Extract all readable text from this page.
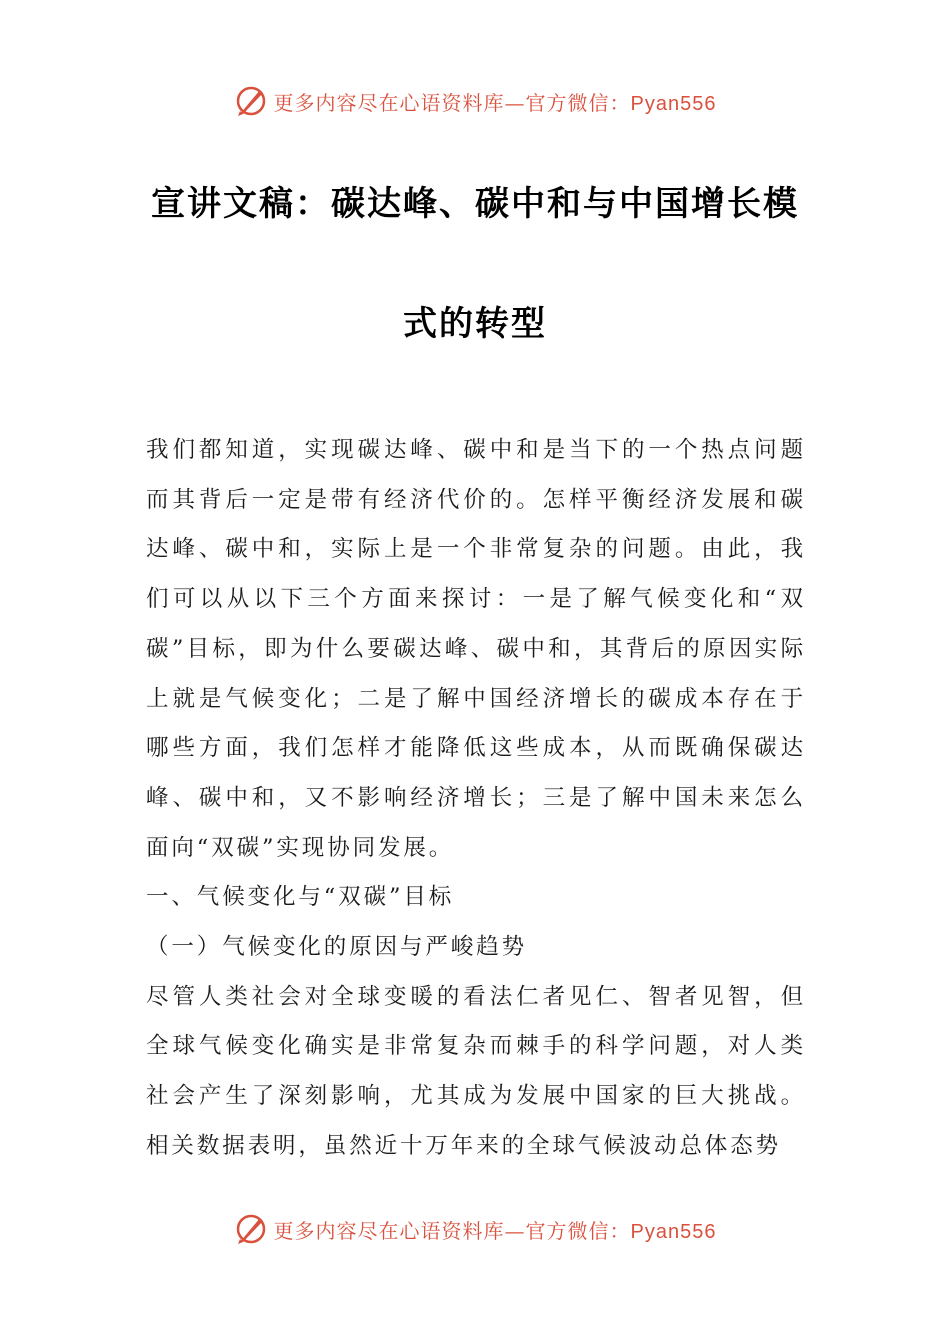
更多内容尽在心语资料库—官方微信：Pyan556
宣讲文稿：碳达峰、碳中和与中国增长模
式的转型

我们都知道，实现碳达峰、碳中和是当下的一个热点问题而其背后一定是带有经济代价的。怎样平衡经济发展和碳达峰、碳中和，实际上是一个非常复杂的问题。由此，我们可以从以下三个方面来探讨：一是了解气候变化和“双碳”目标，即为什么要碳达峰、碳中和，其背后的原因实际上就是气候变化；二是了解中国经济增长的碳成本存在于哪些方面，我们怎样才能降低这些成本，从而既确保碳达峰、碳中和，又不影响经济增长；三是了解中国未来怎么面向“双碳”实现协同发展。

一、气候变化与“双碳”目标

（一）气候变化的原因与严峻趋势

尽管人类社会对全球变暖的看法仁者见仁、智者见智，但全球气候变化确实是非常复杂而棘手的科学问题，对人类社会产生了深刻影响，尤其成为发展中国家的巨大挑战。相关数据表明，虽然近十万年来的全球气候波动总体态势

更多内容尽在心语资料库—官方微信：Pyan556
